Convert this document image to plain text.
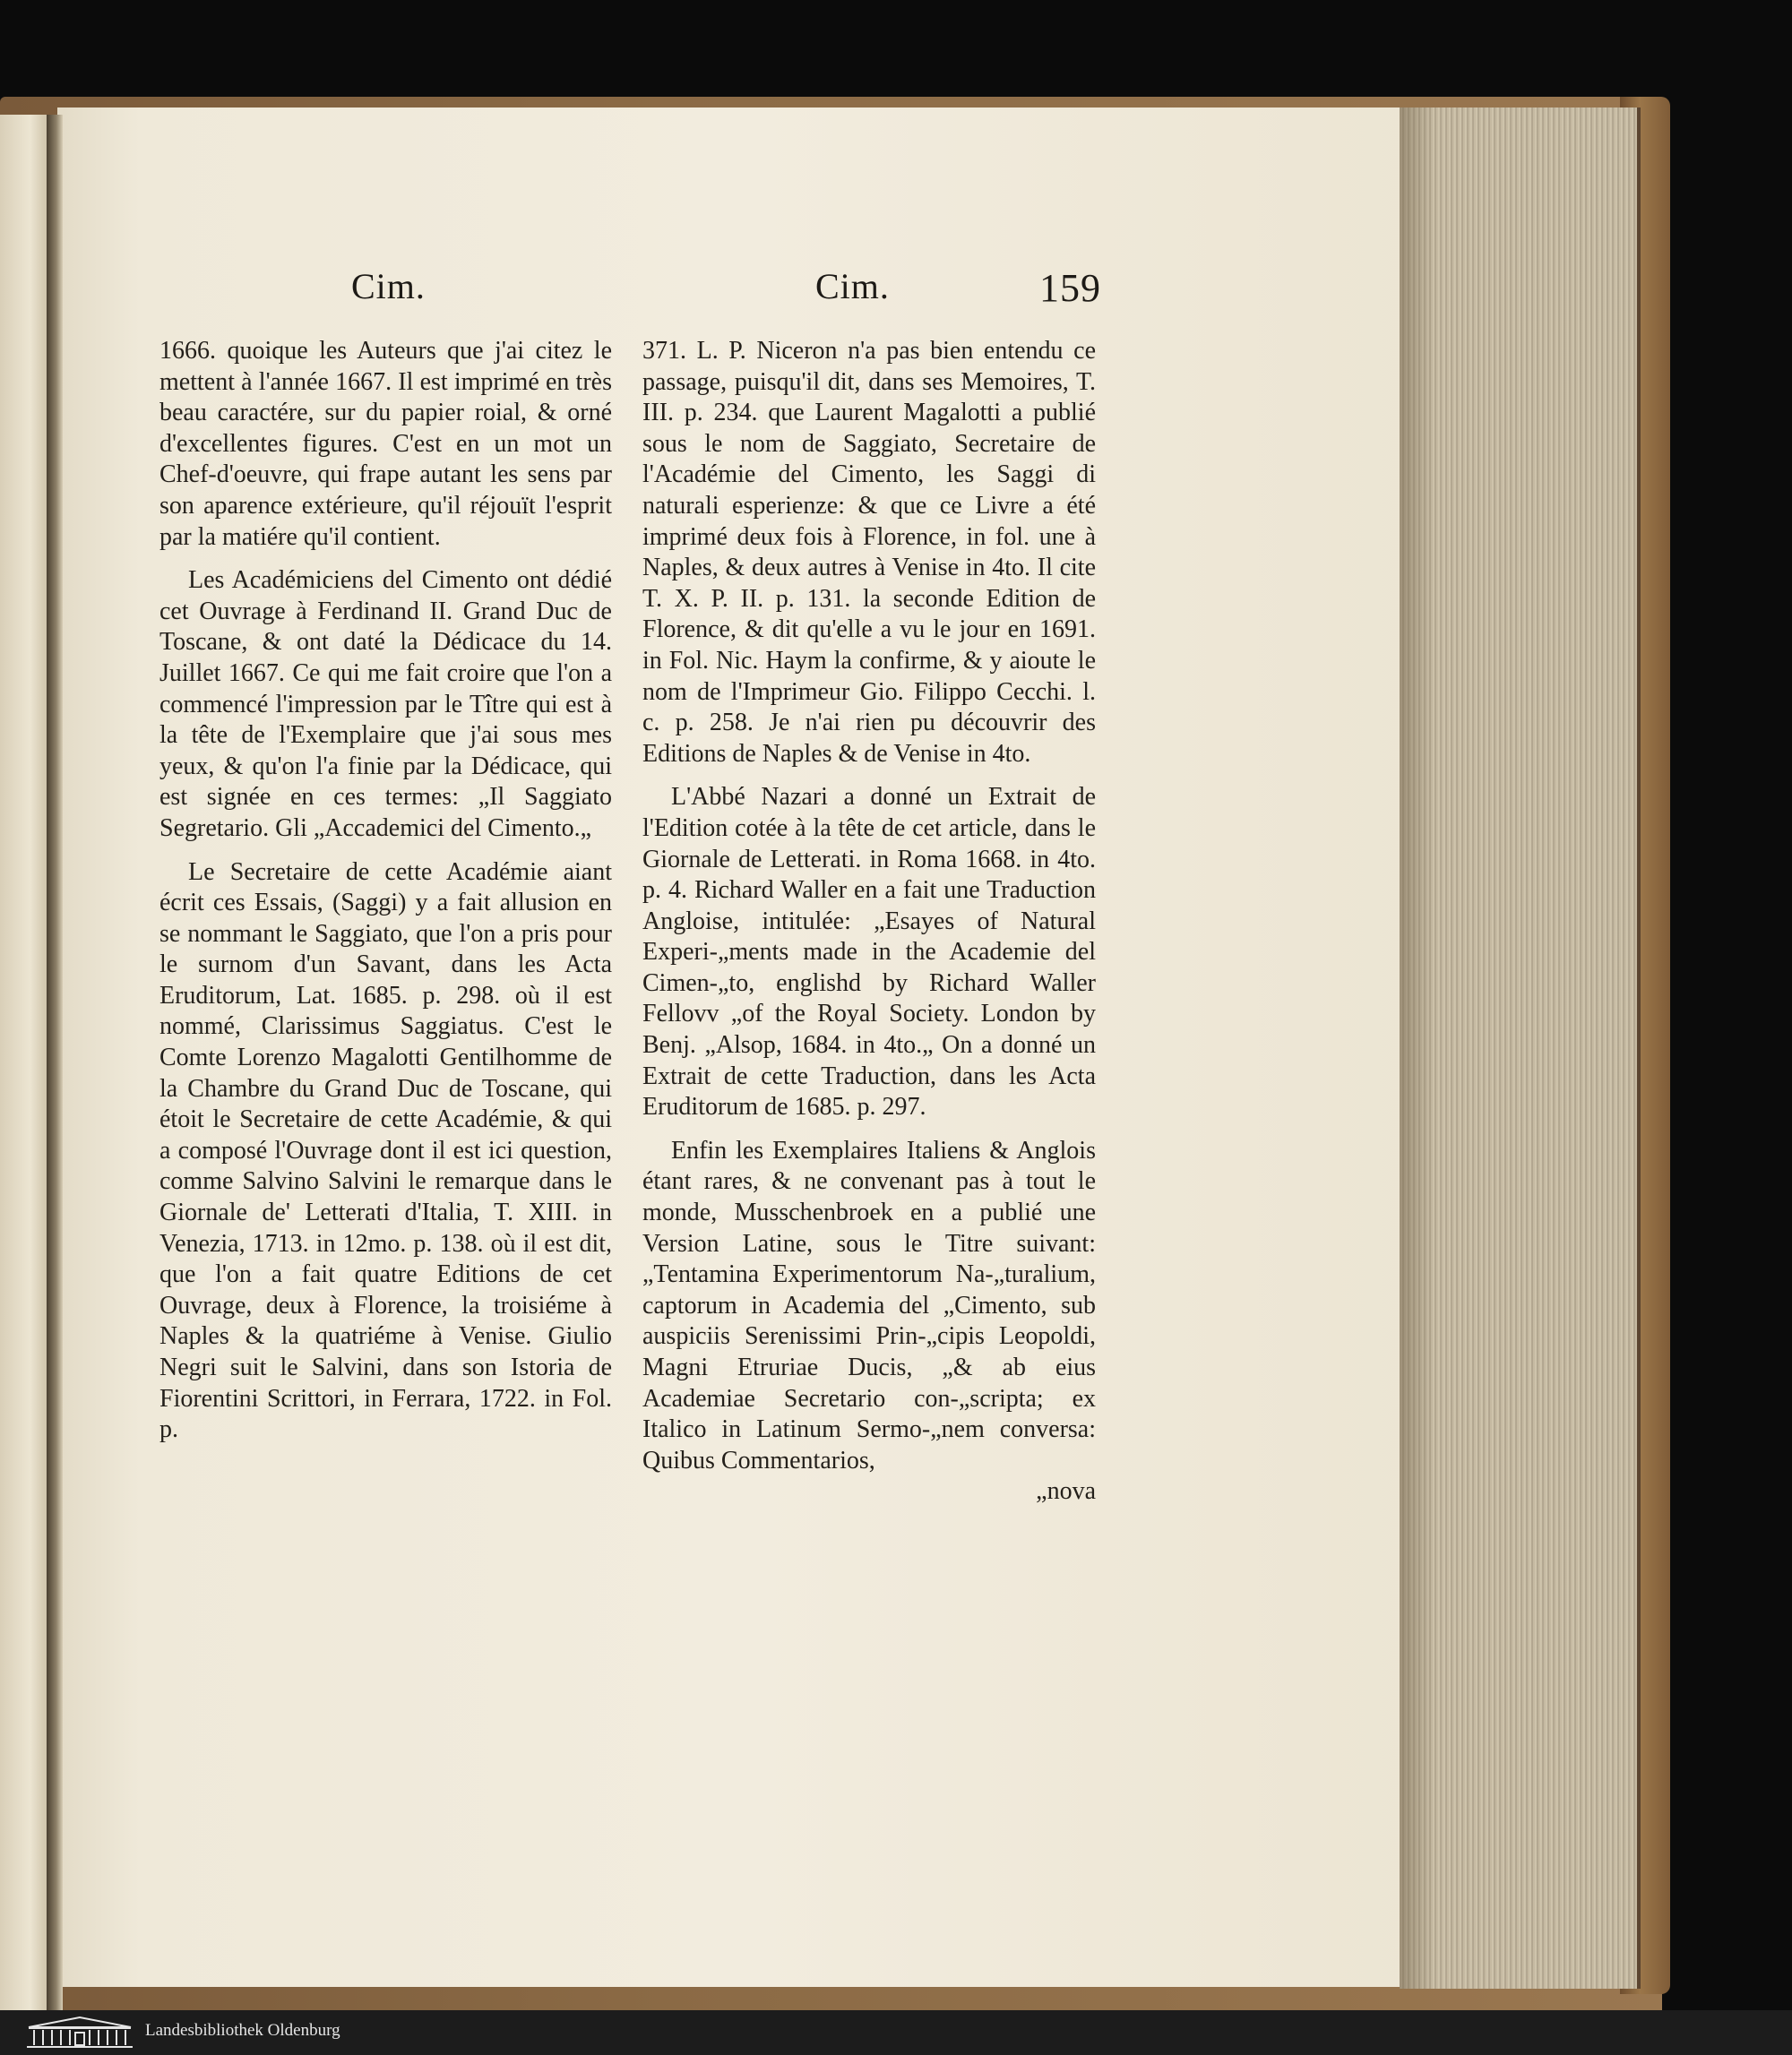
Cim.	Cim.	159

1666. quoique les Auteurs que j'ai citez le mettent à l'année 1667. Il est imprimé en très beau caractére, sur du papier roial, & orné d'excellentes figures. C'est en un mot un Chef-d'oeuvre, qui frape autant les sens par son aparence extérieure, qu'il réjouït l'esprit par la matiére qu'il contient.

Les Académiciens del Cimento ont dédié cet Ouvrage à Ferdinand II. Grand Duc de Toscane, & ont daté la Dédicace du 14. Juillet 1667. Ce qui me fait croire que l'on a commencé l'impression par le Tître qui est à la tête de l'Exemplaire que j'ai sous mes yeux, & qu'on l'a finie par la Dédicace, qui est signée en ces termes: „Il Saggiato Segretario. Gli „Accademici del Cimento.„

Le Secretaire de cette Académie aiant écrit ces Essais, (Saggi) y a fait allusion en se nommant le Saggiato, que l'on a pris pour le surnom d'un Savant, dans les Acta Eruditorum, Lat. 1685. p. 298. où il est nommé, Clarissimus Saggiatus. C'est le Comte Lorenzo Magalotti Gentilhomme de la Chambre du Grand Duc de Toscane, qui étoit le Secretaire de cette Académie, & qui a composé l'Ouvrage dont il est ici question, comme Salvino Salvini le remarque dans le Giornale de' Letterati d'Italia, T. XIII. in Venezia, 1713. in 12mo. p. 138. où il est dit, que l'on a fait quatre Editions de cet Ouvrage, deux à Florence, la troisiéme à Naples & la quatriéme à Venise. Giulio Negri suit le Salvini, dans son Istoria de Fiorentini Scrittori, in Ferrara, 1722. in Fol. p.

371. L. P. Niceron n'a pas bien entendu ce passage, puisqu'il dit, dans ses Memoires, T. III. p. 234. que Laurent Magalotti a publié sous le nom de Saggiato, Secretaire de l'Académie del Cimento, les Saggi di naturali esperienze: & que ce Livre a été imprimé deux fois à Florence, in fol. une à Naples, & deux autres à Venise in 4to. Il cite T. X. P. II. p. 131. la seconde Edition de Florence, & dit qu'elle a vu le jour en 1691. in Fol. Nic. Haym la confirme, & y aioute le nom de l'Imprimeur Gio. Filippo Cecchi. l. c. p. 258. Je n'ai rien pu découvrir des Editions de Naples & de Venise in 4to.

L'Abbé Nazari a donné un Extrait de l'Edition cotée à la tête de cet article, dans le Giornale de Letterati. in Roma 1668. in 4to. p. 4. Richard Waller en a fait une Traduction Angloise, intitulée: „Esayes of Natural Experi-„ments made in the Academie del Cimen-„to, englishd by Richard Waller Fellovv „of the Royal Society. London by Benj. „Alsop, 1684. in 4to.„ On a donné un Extrait de cette Traduction, dans les Acta Eruditorum de 1685. p. 297.

Enfin les Exemplaires Italiens & Anglois étant rares, & ne convenant pas à tout le monde, Musschenbroek en a publié une Version Latine, sous le Titre suivant: „Tentamina Experimentorum Na-„turalium, captorum in Academia del „Cimento, sub auspiciis Serenissimi Prin-„cipis Leopoldi, Magni Etruriae Ducis, „& ab eius Academiae Secretario con-„scripta; ex Italico in Latinum Sermo-„nem conversa: Quibus Commentarios,

„nova

Landesbibliothek Oldenburg
